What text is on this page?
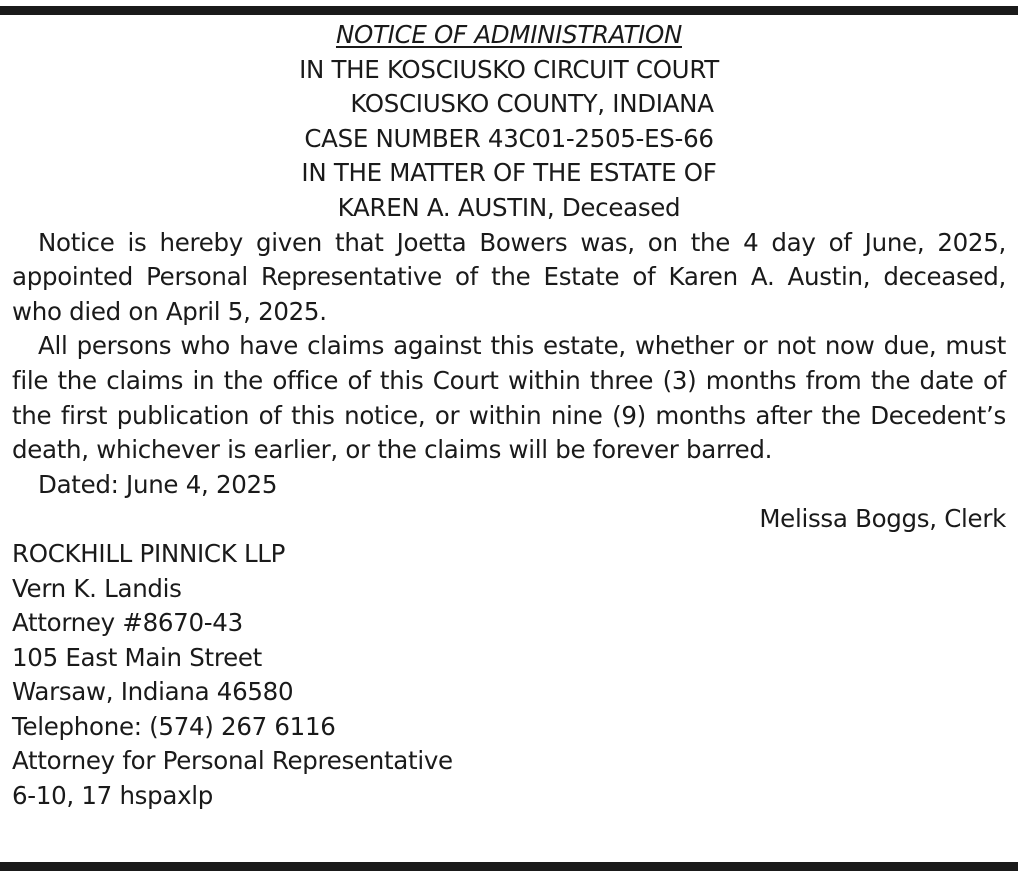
NOTICE OF ADMINISTRATION
IN THE KOSCIUSKO CIRCUIT COURT
KOSCIUSKO COUNTY, INDIANA
CASE NUMBER 43C01-2505-ES-66
IN THE MATTER OF THE ESTATE OF
KAREN A. AUSTIN, Deceased
Notice is hereby given that Joetta Bowers was, on the 4 day of June, 2025, appointed Personal Representative of the Estate of Karen A. Austin, deceased, who died on April 5, 2025.
All persons who have claims against this estate, whether or not now due, must file the claims in the office of this Court within three (3) months from the date of the first publication of this notice, or within nine (9) months after the Decedent’s death, whichever is earlier, or the claims will be forever barred.
Dated: June 4, 2025
Melissa Boggs, Clerk
ROCKHILL PINNICK LLP
Vern K. Landis
Attorney #8670-43
105 East Main Street
Warsaw, Indiana 46580
Telephone: (574) 267 6116
Attorney for Personal Representative
6-10, 17 hspaxlp
